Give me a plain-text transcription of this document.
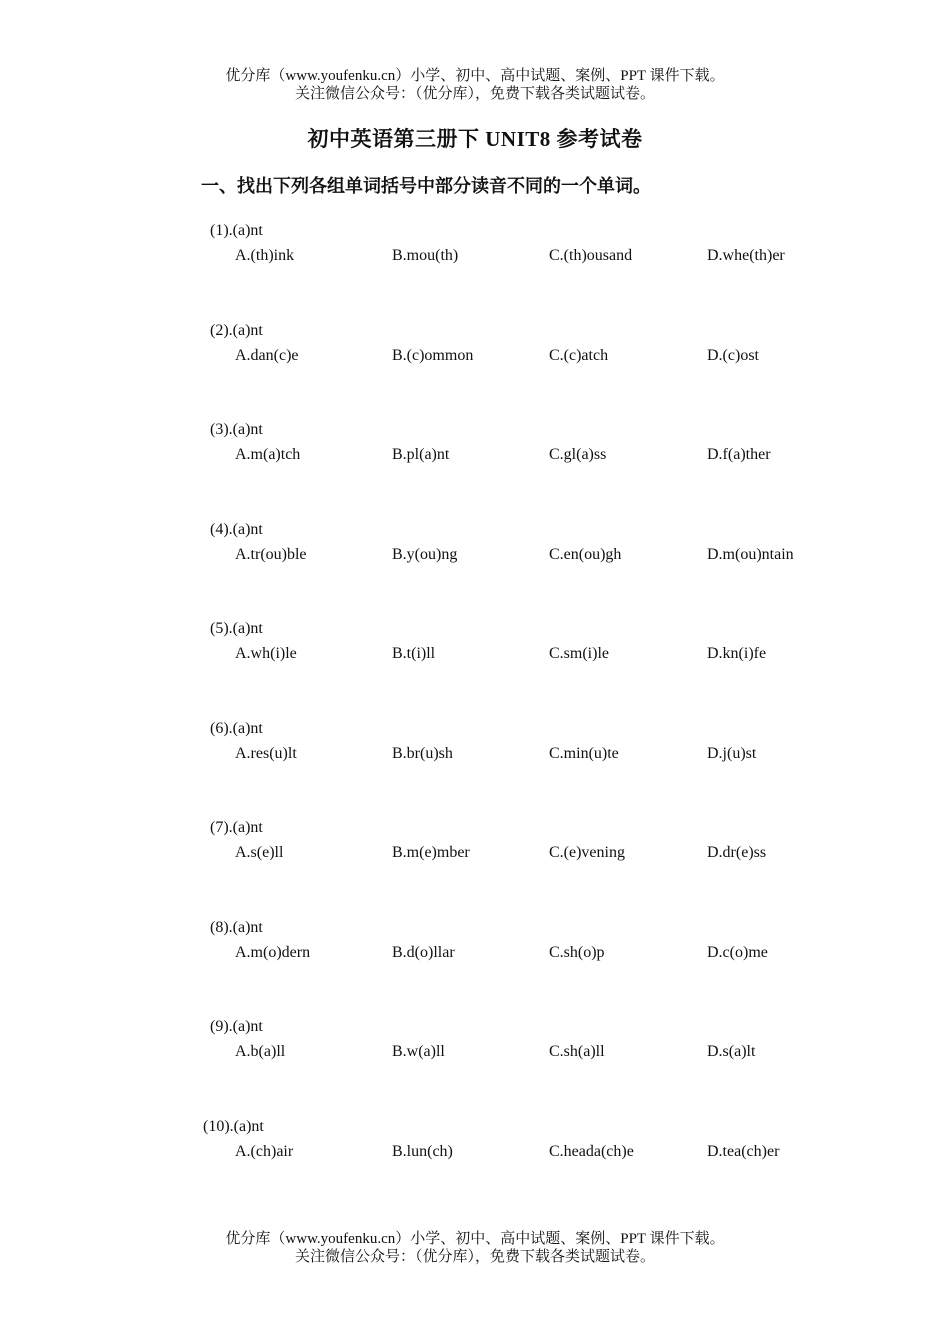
优分库（www.youfenku.cn）小学、初中、高中试题、案例、PPT 课件下载。
关注微信公众号：（优分库），免费下载各类试题试卷。
初中英语第三册下 UNIT8 参考试卷
一、找出下列各组单词括号中部分读音不同的一个单词。
(1).(a)nt
A.(th)ink	B.mou(th)	C.(th)ousand	D.whe(th)er
(2).(a)nt
A.dan(c)e	B.(c)ommon	C.(c)atch	D.(c)ost
(3).(a)nt
A.m(a)tch	B.pl(a)nt	C.gl(a)ss	D.f(a)ther
(4).(a)nt
A.tr(ou)ble	B.y(ou)ng	C.en(ou)gh	D.m(ou)ntain
(5).(a)nt
A.wh(i)le	B.t(i)ll	C.sm(i)le	D.kn(i)fe
(6).(a)nt
A.res(u)lt	B.br(u)sh	C.min(u)te	D.j(u)st
(7).(a)nt
A.s(e)ll	B.m(e)mber	C.(e)vening	D.dr(e)ss
(8).(a)nt
A.m(o)dern	B.d(o)llar	C.sh(o)p	D.c(o)me
(9).(a)nt
A.b(a)ll	B.w(a)ll	C.sh(a)ll	D.s(a)lt
(10).(a)nt
A.(ch)air	B.lun(ch)	C.heada(ch)e	D.tea(ch)er
优分库（www.youfenku.cn）小学、初中、高中试题、案例、PPT 课件下载。
关注微信公众号：（优分库），免费下载各类试题试卷。
